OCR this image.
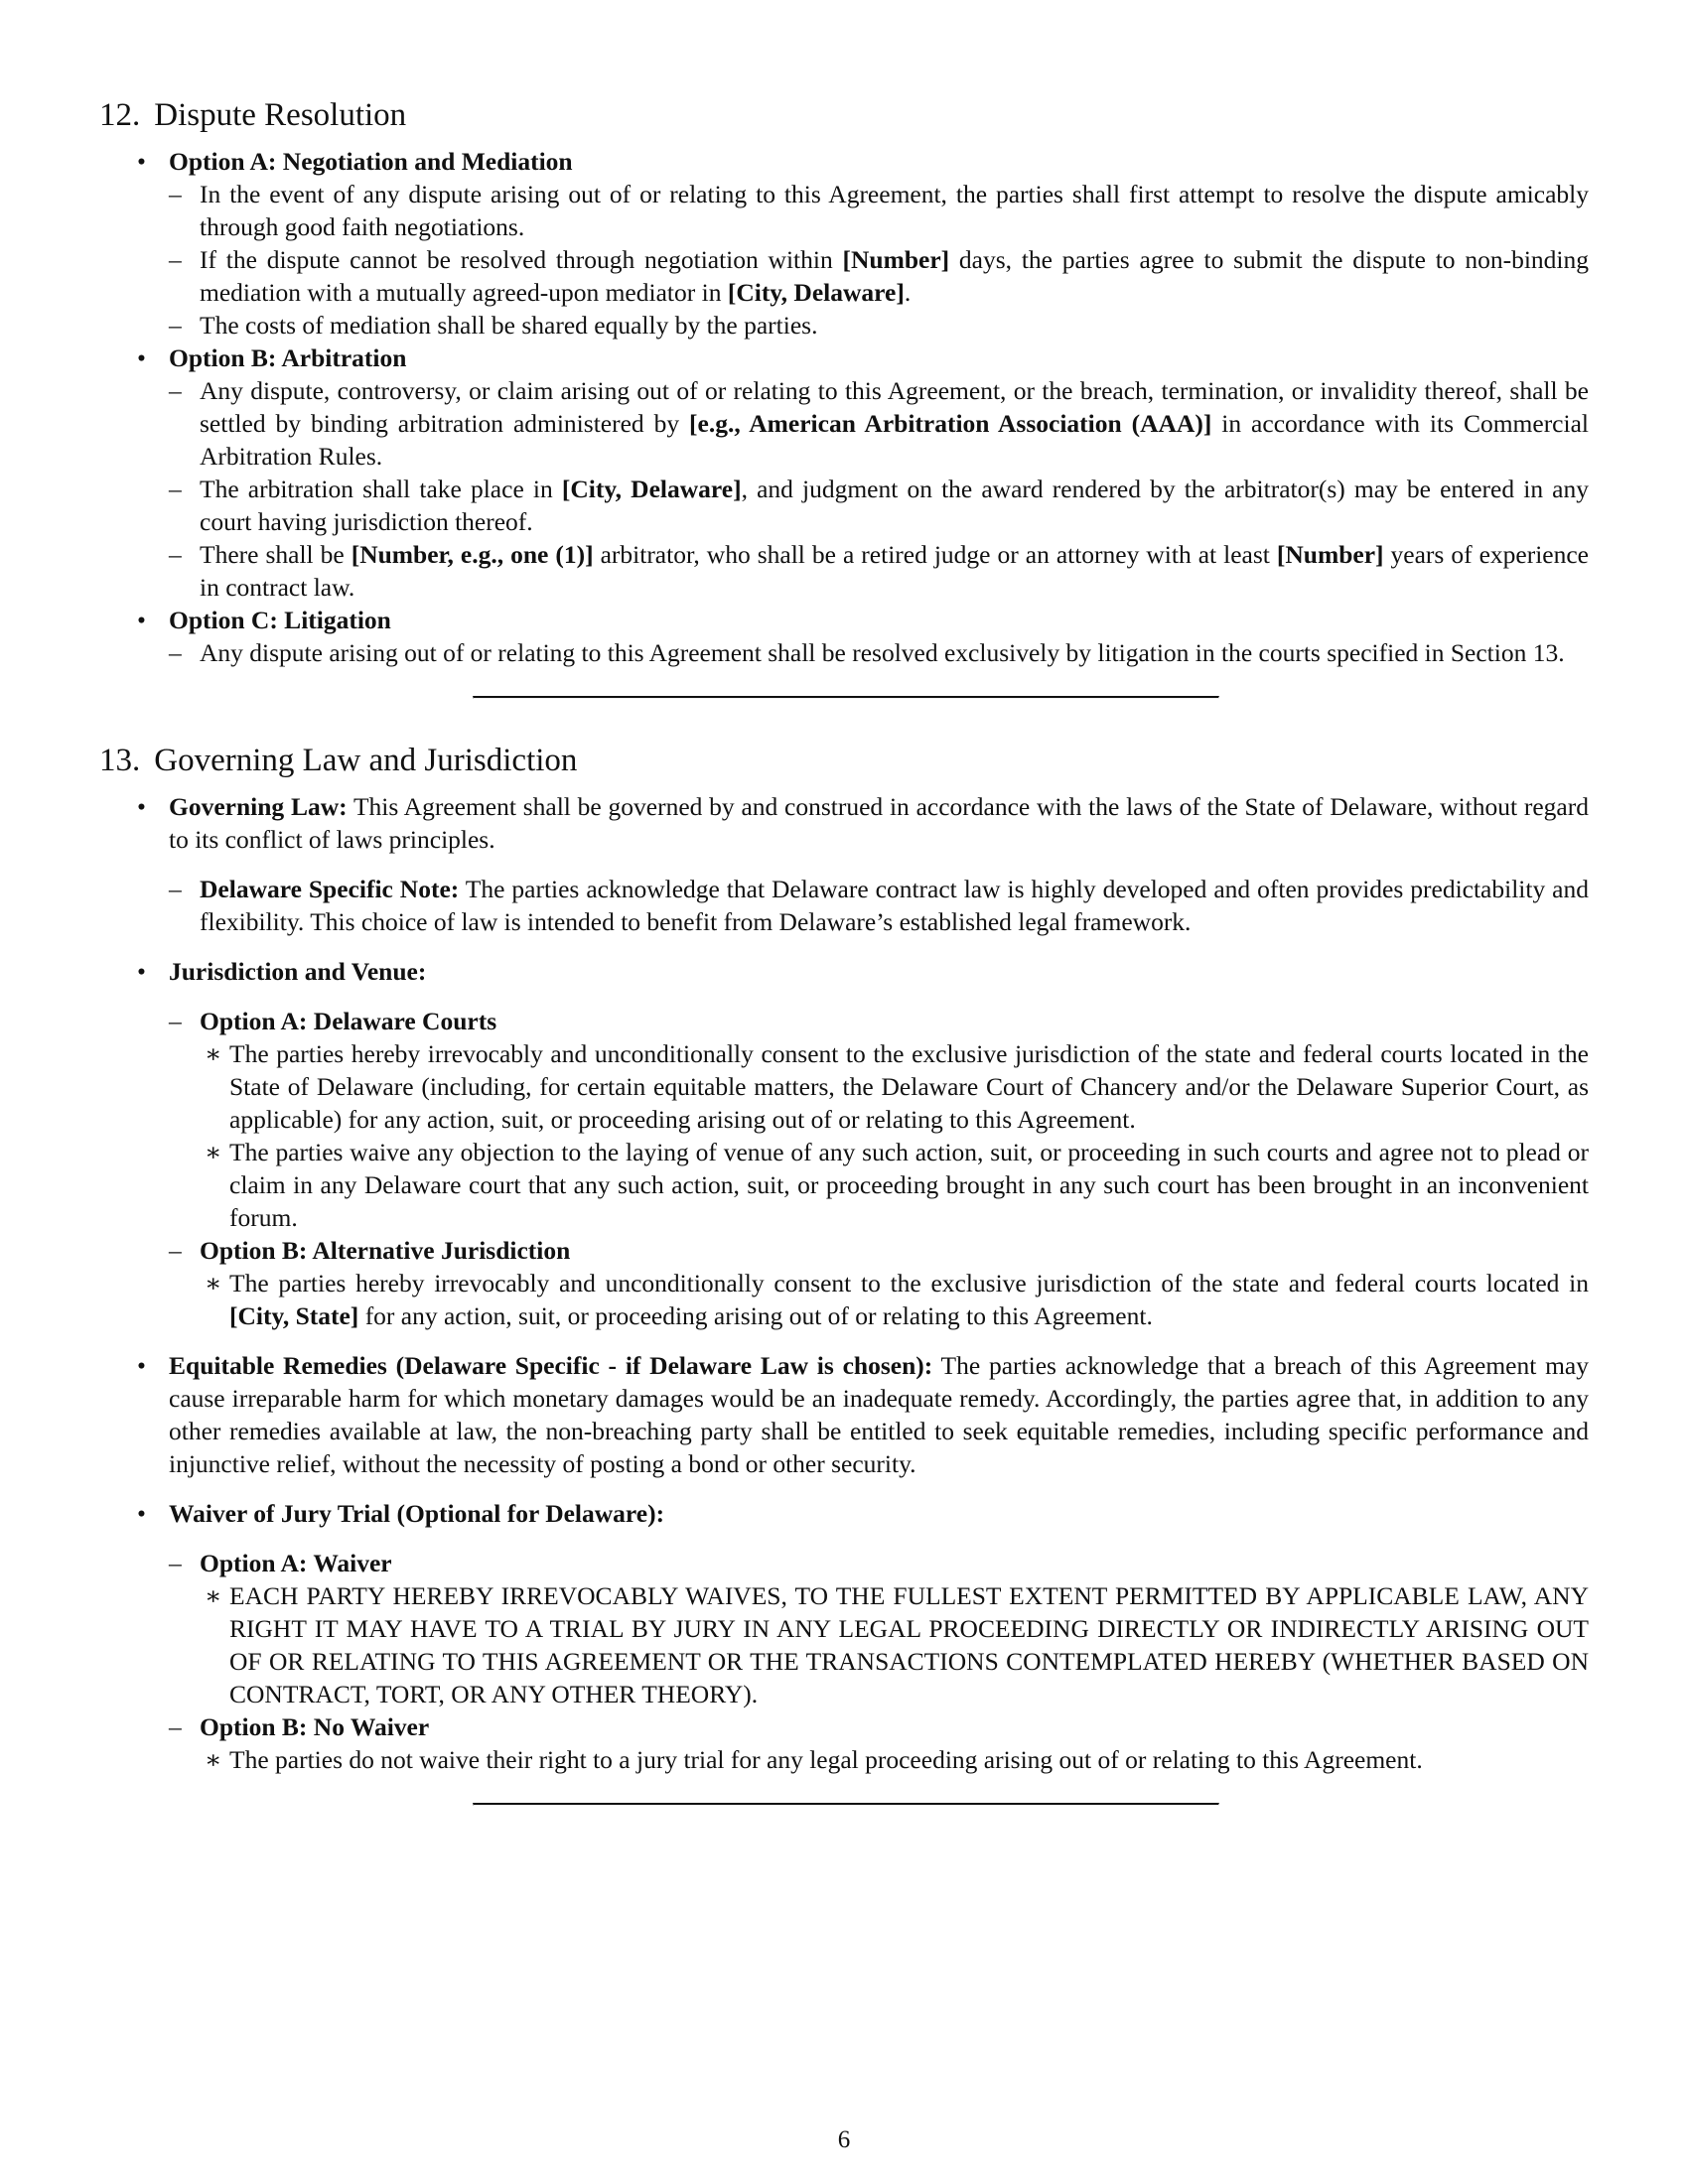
12. Dispute Resolution
• Option A: Negotiation and Mediation
– In the event of any dispute arising out of or relating to this Agreement, the parties shall first attempt to resolve the dispute amicably through good faith negotiations.
– If the dispute cannot be resolved through negotiation within [Number] days, the parties agree to submit the dispute to non-binding mediation with a mutually agreed-upon mediator in [City, Delaware].
– The costs of mediation shall be shared equally by the parties.
• Option B: Arbitration
– Any dispute, controversy, or claim arising out of or relating to this Agreement, or the breach, termination, or invalidity thereof, shall be settled by binding arbitration administered by [e.g., American Arbitration Association (AAA)] in accordance with its Commercial Arbitration Rules.
– The arbitration shall take place in [City, Delaware], and judgment on the award rendered by the arbitrator(s) may be entered in any court having jurisdiction thereof.
– There shall be [Number, e.g., one (1)] arbitrator, who shall be a retired judge or an attorney with at least [Number] years of experience in contract law.
• Option C: Litigation
– Any dispute arising out of or relating to this Agreement shall be resolved exclusively by litigation in the courts specified in Section 13.
13. Governing Law and Jurisdiction
• Governing Law: This Agreement shall be governed by and construed in accordance with the laws of the State of Delaware, without regard to its conflict of laws principles.
– Delaware Specific Note: The parties acknowledge that Delaware contract law is highly developed and often provides predictability and flexibility. This choice of law is intended to benefit from Delaware’s established legal framework.
• Jurisdiction and Venue:
– Option A: Delaware Courts
∗ The parties hereby irrevocably and unconditionally consent to the exclusive jurisdiction of the state and federal courts located in the State of Delaware (including, for certain equitable matters, the Delaware Court of Chancery and/or the Delaware Superior Court, as applicable) for any action, suit, or proceeding arising out of or relating to this Agreement.
∗ The parties waive any objection to the laying of venue of any such action, suit, or proceeding in such courts and agree not to plead or claim in any Delaware court that any such action, suit, or proceeding brought in any such court has been brought in an inconvenient forum.
– Option B: Alternative Jurisdiction
∗ The parties hereby irrevocably and unconditionally consent to the exclusive jurisdiction of the state and federal courts located in [City, State] for any action, suit, or proceeding arising out of or relating to this Agreement.
• Equitable Remedies (Delaware Specific - if Delaware Law is chosen): The parties acknowledge that a breach of this Agreement may cause irreparable harm for which monetary damages would be an inadequate remedy. Accordingly, the parties agree that, in addition to any other remedies available at law, the non-breaching party shall be entitled to seek equitable remedies, including specific performance and injunctive relief, without the necessity of posting a bond or other security.
• Waiver of Jury Trial (Optional for Delaware):
– Option A: Waiver
∗ EACH PARTY HEREBY IRREVOCABLY WAIVES, TO THE FULLEST EXTENT PERMITTED BY APPLICABLE LAW, ANY RIGHT IT MAY HAVE TO A TRIAL BY JURY IN ANY LEGAL PROCEEDING DIRECTLY OR INDIRECTLY ARISING OUT OF OR RELATING TO THIS AGREEMENT OR THE TRANSACTIONS CONTEMPLATED HEREBY (WHETHER BASED ON CONTRACT, TORT, OR ANY OTHER THEORY).
– Option B: No Waiver
∗ The parties do not waive their right to a jury trial for any legal proceeding arising out of or relating to this Agreement.
6
